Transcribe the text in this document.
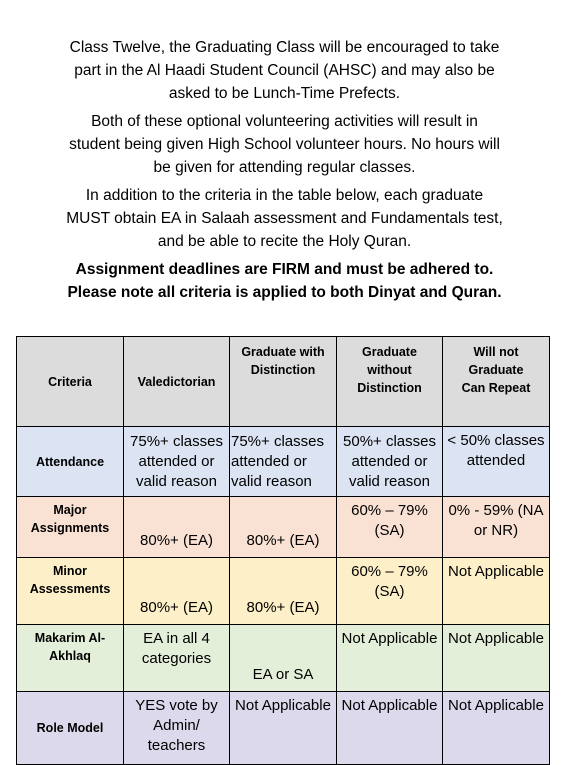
Class Twelve, the Graduating Class will be encouraged to take
part in the Al Haadi Student Council (AHSC) and may also be
asked to be Lunch-Time Prefects.
Both of these optional volunteering activities will result in
student being given High School volunteer hours. No hours will
be given for attending regular classes.
In addition to the criteria in the table below, each graduate
MUST obtain EA in Salaah assessment and Fundamentals test,
and be able to recite the Holy Quran.
Assignment deadlines are FIRM and must be adhered to.
Please note all criteria is applied to both Dinyat and Quran.
Criteria	Valedictorian	Graduate with
Distinction	Graduate
without
Distinction	Will not
Graduate
Can Repeat

Attendance	75%+ classes
attended or
valid reason	75%+ classes
attended or
valid reason	50%+ classes
attended or
valid reason	< 50% classes
attended

Major
Assignments	80%+ (EA)	80%+ (EA)	60% – 79%
(SA)	0% - 59% (NA
or NR)

Minor
Assessments	80%+ (EA)	80%+ (EA)	60% – 79%
(SA)	Not Applicable

Makarim Al-
Akhlaq	EA in all 4
categories	EA or SA	Not Applicable	Not Applicable

Role Model	YES vote by
Admin/
teachers	Not Applicable	Not Applicable	Not Applicable
